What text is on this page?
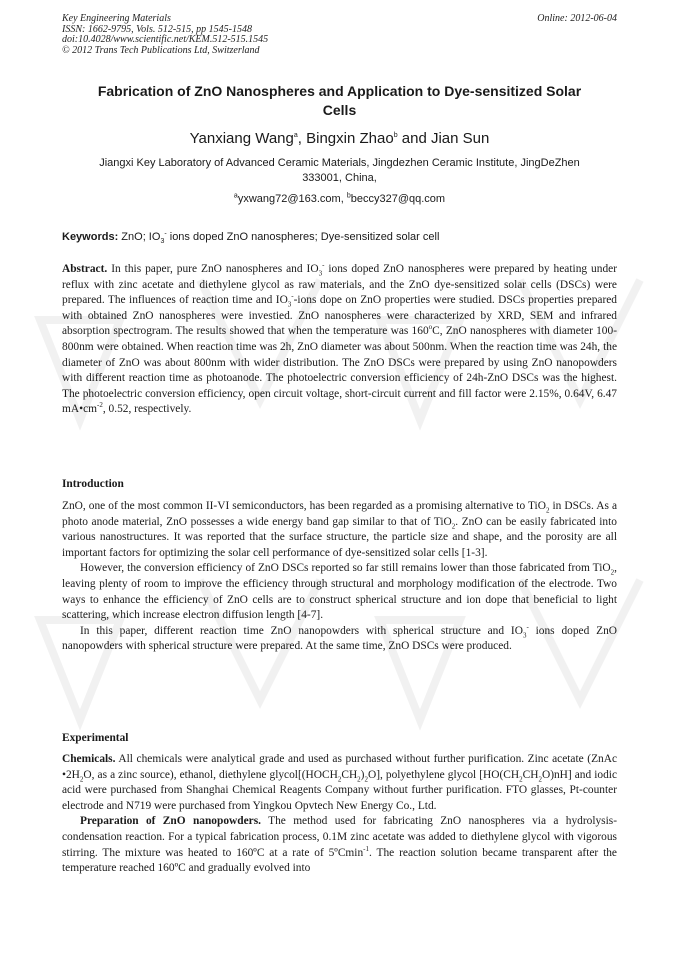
Key Engineering Materials
ISSN: 1662-9795, Vols. 512-515, pp 1545-1548
doi:10.4028/www.scientific.net/KEM.512-515.1545
© 2012 Trans Tech Publications Ltd, Switzerland
Online: 2012-06-04
Fabrication of ZnO Nanospheres and Application to Dye-sensitized Solar
Cells
Yanxiang Wang$^a$, Bingxin Zhao$^b$ and Jian Sun
Jiangxi Key Laboratory of Advanced Ceramic Materials, Jingdezhen Ceramic Institute, JingDeZhen
333001, China,
$^a$yxwang72@163.com, $^b$beccy327@qq.com
Keywords: ZnO; $IO_3^-$ ions doped ZnO nanospheres; Dye-sensitized solar cell

Abstract. In this paper, pure ZnO nanospheres and $IO_3^-$ ions doped ZnO nanospheres were prepared by heating under reflux with zinc acetate and diethylene glycol as raw materials, and the ZnO dye-sensitized solar cells (DSCs) were prepared. The influences of reaction time and $IO_3^-$-ions dope on ZnO properties were studied. DSCs properties prepared with obtained ZnO nanospheres were investied. ZnO nanospheres were characterized by XRD, SEM and infrared absorption spectrogram. The results showed that when the temperature was 160$^o$C, ZnO nanospheres with diameter 100-800nm were obtained. When reaction time was 2h, ZnO diameter was about 500nm. When the reaction time was 24h, the diameter of ZnO was about 800nm with wider distribution. The ZnO DSCs were prepared by using ZnO nanopowders with different reaction time as photoanode. The photoelectric conversion efficiency of 24h-ZnO DSCs was the highest. The photoelectric conversion efficiency, open circuit voltage, short-circuit current and fill factor were 2.15%, 0.64V, 6.47 $mA•cm^{-2}$, 0.52, respectively.

Introduction

ZnO, one of the most common II-VI semiconductors, has been regarded as a promising alternative to TiO$_2$ in DSCs. As a photo anode material, ZnO possesses a wide energy band gap similar to that of TiO$_2$. ZnO can be easily fabricated into various nanostructures. It was reported that the surface structure, the particle size and shape, and the porosity are all important factors for optimizing the solar cell performance of dye-sensitized solar cells [1-3].

However, the conversion efficiency of ZnO DSCs reported so far still remains lower than those fabricated from TiO$_2$, leaving plenty of room to improve the efficiency through structural and morphology modification of the electrode. Two ways to enhance the efficiency of ZnO cells are to construct spherical structure and ion dope that beneficial to light scattering, which increase electron diffusion length [4-7].

In this paper, different reaction time ZnO nanopowders with spherical structure and $IO_3^-$ ions doped ZnO nanopowders with spherical structure were prepared. At the same time, ZnO DSCs were produced.

Experimental

Chemicals. All chemicals were analytical grade and used as purchased without further purification. Zinc acetate (ZnAc $•2H_2O$, as a zinc source), ethanol, diethylene $glycol[(HOCH_2CH_2)_2O]$, polyethylene glycol $[HO(CH_2CH_2O)nH]$ and iodic acid were purchased from Shanghai Chemical Reagents Company without further purification. FTO glasses, Pt-counter electrode and N719 were purchased from Yingkou Opvtech New Energy Co., Ltd.

Preparation of ZnO nanopowders. The method used for fabricating ZnO nanospheres via a hydrolysis-condensation reaction. For a typical fabrication process, 0.1M zinc acetate was added to diethylene glycol with vigorous stirring. The mixture was heated to 160ºC at a rate of 5ºCmin$^{-1}$. The reaction solution became transparent after the temperature reached 160ºC and gradually evolved into
